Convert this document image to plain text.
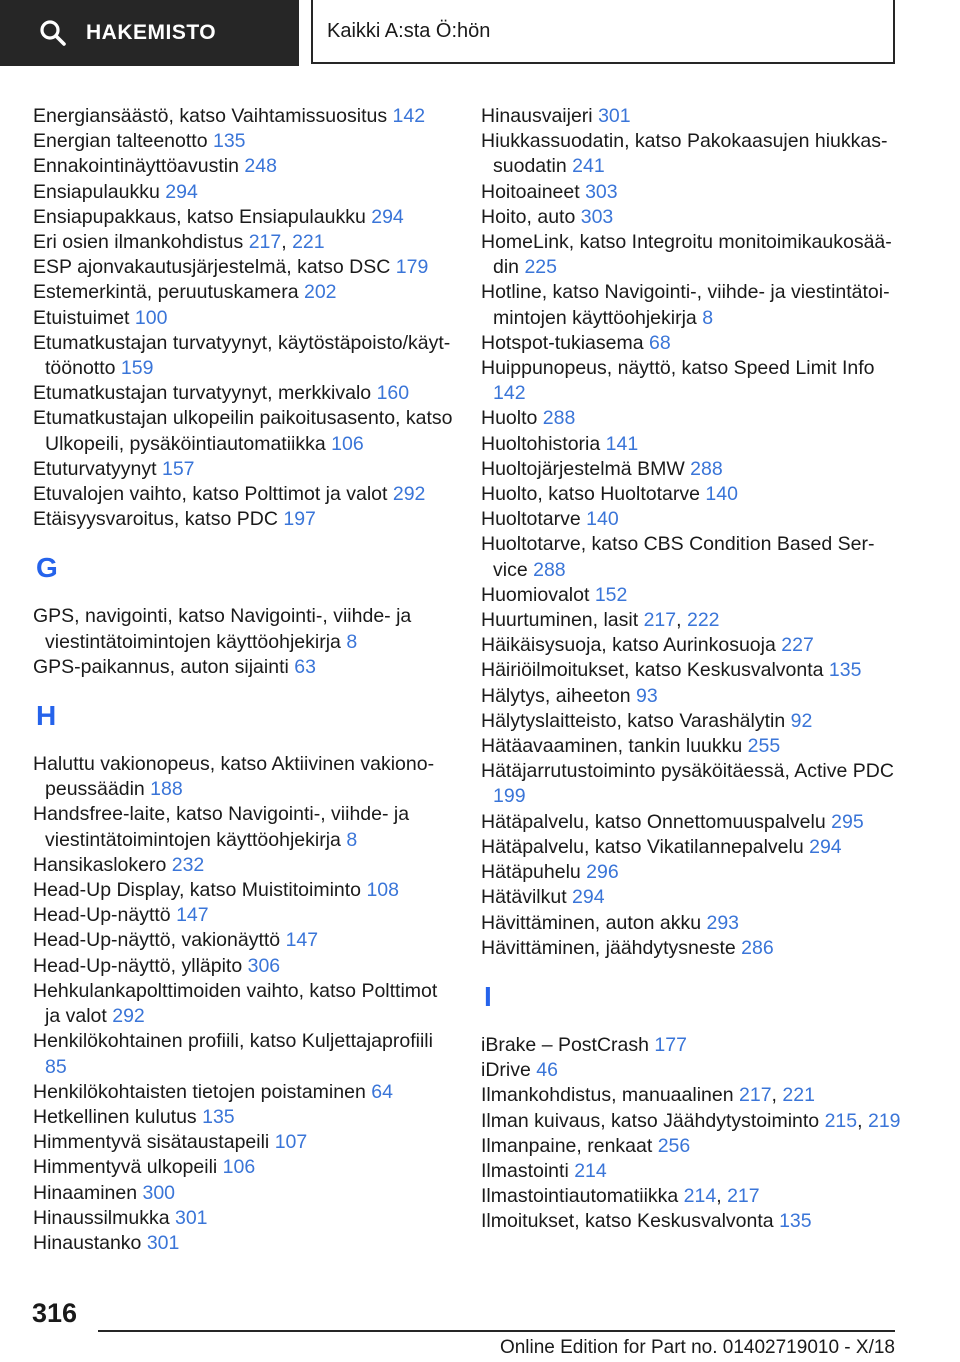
HAKEMISTO	Kaikki A:sta Ö:hön
Energiansäästö, katso Vaihtamissuositus 142
Energian talteenotto 135
Ennakointinäyttöavustin 248
Ensiapulaukku 294
Ensiapupakkaus, katso Ensiapulaukku 294
Eri osien ilmankohdistus 217, 221
ESP ajonvakautusjärjestelmä, katso DSC 179
Estemerkintä, peruutuskamera 202
Etuistuimet 100
Etumatkustajan turvatyynyt, käytöstäpoisto/käyttöönotto 159
Etumatkustajan turvatyynyt, merkkivalo 160
Etumatkustajan ulkopeilin paikoitusasento, katso Ulkopeili, pysäköintiautomatiikka 106
Etuturvatyynyt 157
Etuvalojen vaihto, katso Polttimot ja valot 292
Etäisyysvaroitus, katso PDC 197
G
GPS, navigointi, katso Navigointi-, viihde- ja viestintätoimintojen käyttöohjekirja 8
GPS-paikannus, auton sijainti 63
H
Haluttu vakionopeus, katso Aktiivinen vakionopeussäädin 188
Handsfree-laite, katso Navigointi-, viihde- ja viestintätoimintojen käyttöohjekirja 8
Hansikaslokero 232
Head-Up Display, katso Muistitoiminto 108
Head-Up-näyttö 147
Head-Up-näyttö, vakionäyttö 147
Head-Up-näyttö, ylläpito 306
Hehkulankapolttimoiden vaihto, katso Polttimot ja valot 292
Henkilökohtainen profiili, katso Kuljettajaprofiili 85
Henkilökohtaisten tietojen poistaminen 64
Hetkellinen kulutus 135
Himmentyvä sisätaustapeili 107
Himmentyvä ulkopeili 106
Hinaaminen 300
Hinaussilmukka 301
Hinaustanko 301
Hinausvaijeri 301
Hiukkassuodatin, katso Pakokaasujen hiukkassuodatin 241
Hoitoaineet 303
Hoito, auto 303
HomeLink, katso Integroitu monitoimikaukosäädin 225
Hotline, katso Navigointi-, viihde- ja viestintätoimintojen käyttöohjekirja 8
Hotspot-tukiasema 68
Huippunopeus, näyttö, katso Speed Limit Info 142
Huolto 288
Huoltohistoria 141
Huoltojärjestelmä BMW 288
Huolto, katso Huoltotarve 140
Huoltotarve 140
Huoltotarve, katso CBS Condition Based Service 288
Huomiovalot 152
Huurtuminen, lasit 217, 222
Häikäisysuoja, katso Aurinkosuoja 227
Häiriöilmoitukset, katso Keskusvalvonta 135
Hälytys, aiheeton 93
Hälytyslaitteisto, katso Varashälytin 92
Hätäavaaminen, tankin luukku 255
Hätäjarrutustoiminto pysäköitäessä, Active PDC 199
Hätäpalvelu, katso Onnettomuuspalvelu 295
Hätäpalvelu, katso Vikatilannepalvelu 294
Hätäpuhelu 296
Hätävilkut 294
Hävittäminen, auton akku 293
Hävittäminen, jäähdytysneste 286
I
iBrake – PostCrash 177
iDrive 46
Ilmankohdistus, manuaalinen 217, 221
Ilman kuivaus, katso Jäähdytystoiminto 215, 219
Ilmanpaine, renkaat 256
Ilmastointi 214
Ilmastointiautomatiikka 214, 217
Ilmoitukset, katso Keskusvalvonta 135
316
Online Edition for Part no. 01402719010 - X/18
